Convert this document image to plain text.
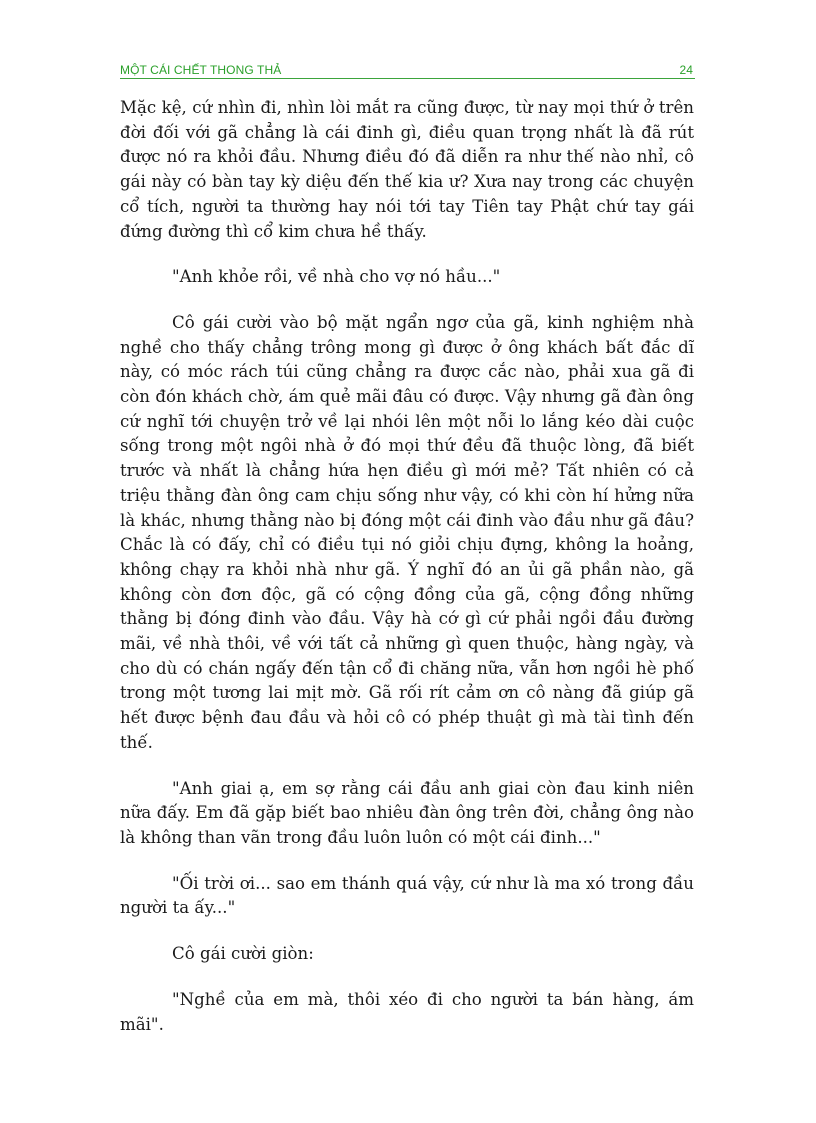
MỘT CÁI CHẾT THONG THẢ	24

Mặc kệ, cứ nhìn đi, nhìn lòi mắt ra cũng được, từ nay mọi thứ ở trên đời đối với gã chẳng là cái đinh gì, điều quan trọng nhất là đã rút được nó ra khỏi đầu. Nhưng điều đó đã diễn ra như thế nào nhỉ, cô gái này có bàn tay kỳ diệu đến thế kia ư? Xưa nay trong các chuyện cổ tích, người ta thường hay nói tới tay Tiên tay Phật chứ tay gái đứng đường thì cổ kim chưa hề thấy.

"Anh khỏe rồi, về nhà cho vợ nó hầu..."

Cô gái cười vào bộ mặt ngẩn ngơ của gã, kinh nghiệm nhà nghề cho thấy chẳng trông mong gì được ở ông khách bất đắc dĩ này, có móc rách túi cũng chẳng ra được cắc nào, phải xua gã đi còn đón khách chờ, ám quẻ mãi đâu có được. Vậy nhưng gã đàn ông cứ nghĩ tới chuyện trở về lại nhói lên một nỗi lo lắng kéo dài cuộc sống trong một ngôi nhà ở đó mọi thứ đều đã thuộc lòng, đã biết trước và nhất là chẳng hứa hẹn điều gì mới mẻ? Tất nhiên có cả triệu thằng đàn ông cam chịu sống như vậy, có khi còn hí hửng nữa là khác, nhưng thằng nào bị đóng một cái đinh vào đầu như gã đâu? Chắc là có đấy, chỉ có điều tụi nó giỏi chịu đựng, không la hoảng, không chạy ra khỏi nhà như gã. Ý nghĩ đó an ủi gã phần nào, gã không còn đơn độc, gã có cộng đồng của gã, cộng đồng những thằng bị đóng đinh vào đầu. Vậy hà cớ gì cứ phải ngồi đầu đường mãi, về nhà thôi, về với tất cả những gì quen thuộc, hàng ngày, và cho dù có chán ngấy đến tận cổ đi chăng nữa, vẫn hơn ngồi hè phố trong một tương lai mịt mờ. Gã rối rít cảm ơn cô nàng đã giúp gã hết được bệnh đau đầu và hỏi cô có phép thuật gì mà tài tình đến thế.

"Anh giai ạ, em sợ rằng cái đầu anh giai còn đau kinh niên nữa đấy. Em đã gặp biết bao nhiêu đàn ông trên đời, chẳng ông nào là không than vãn trong đầu luôn luôn có một cái đinh..."

"Ối trời ơi... sao em thánh quá vậy, cứ như là ma xó trong đầu người ta ấy..."

Cô gái cười giòn:

"Nghề của em mà, thôi xéo đi cho người ta bán hàng, ám mãi".
